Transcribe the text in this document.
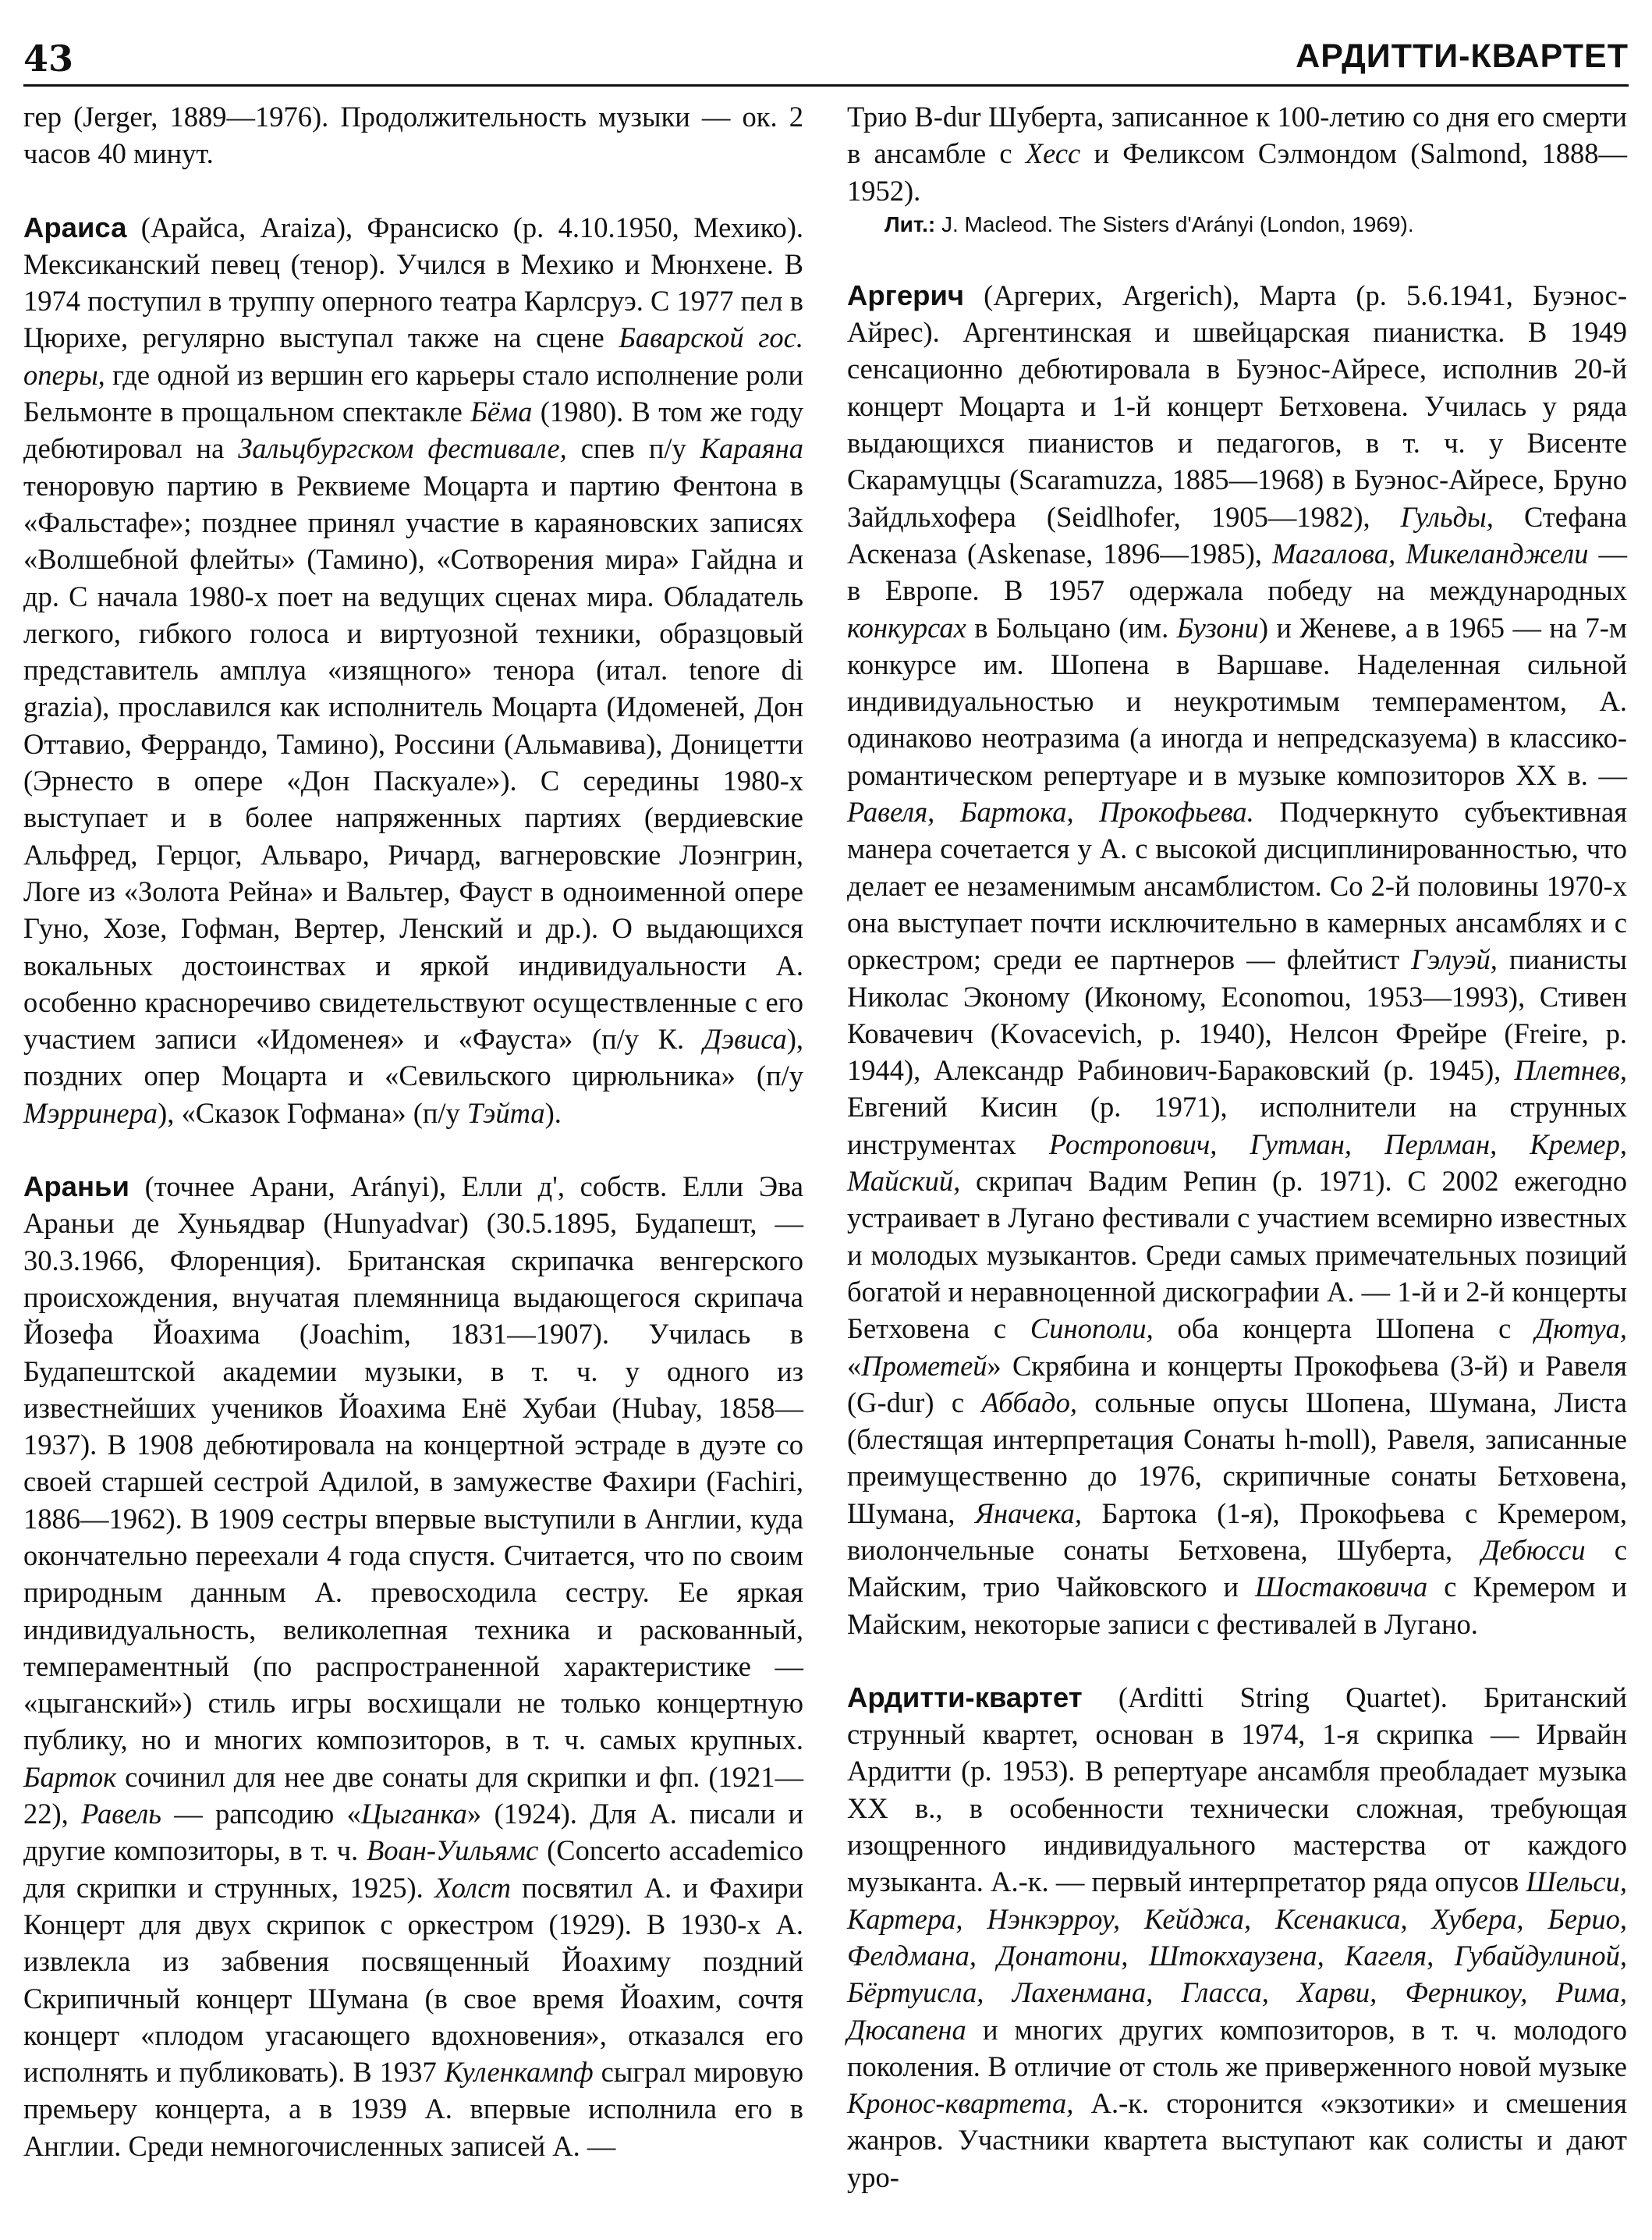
43	АРДИТТИ-КВАРТЕТ

гер (Jerger, 1889—1976). Продолжительность музыки — ок. 2 часов 40 минут.

Араиса (Арайса, Araiza), Франсиско (р. 4.10.1950, Мехико). Мексиканский певец (тенор). Учился в Мехико и Мюнхене. В 1974 поступил в труппу оперного театра Карлсруэ. С 1977 пел в Цюрихе, регулярно выступал также на сцене Баварской гос. оперы, где одной из вершин его карьеры стало исполнение роли Бельмонте в прощальном спектакле Бёма (1980). В том же году дебютировал на Зальцбургском фестивале, спев п/у Караяна теноровую партию в Реквиеме Моцарта и партию Фентона в «Фальстафе»; позднее принял участие в караяновских записях «Волшебной флейты» (Тамино), «Сотворения мира» Гайдна и др. С начала 1980-х поет на ведущих сценах мира. Обладатель легкого, гибкого голоса и виртуозной техники, образцовый представитель амплуа «изящного» тенора (итал. tenore di grazia), прославился как исполнитель Моцарта (Идоменей, Дон Оттавио, Феррандо, Тамино), Россини (Альмавива), Доницетти (Эрнесто в опере «Дон Паскуале»). С середины 1980-х выступает и в более напряженных партиях (вердиевские Альфред, Герцог, Альваро, Ричард, вагнеровские Лоэнгрин, Логе из «Золота Рейна» и Вальтер, Фауст в одноименной опере Гуно, Хозе, Гофман, Вертер, Ленский и др.). О выдающихся вокальных достоинствах и яркой индивидуальности А. особенно красноречиво свидетельствуют осуществленные с его участием записи «Идоменея» и «Фауста» (п/у К. Дэвиса), поздних опер Моцарта и «Севильского цирюльника» (п/у Мэрринера), «Сказок Гофмана» (п/у Тэйта).

Араньи (точнее Арани, Arányi), Елли д', собств. Елли Эва Араньи де Хуньядвар (Hunyadvar) (30.5.1895, Будапешт, — 30.3.1966, Флоренция). Британская скрипачка венгерского происхождения, внучатая племянница выдающегося скрипача Йозефа Йоахима (Joachim, 1831—1907). Училась в Будапештской академии музыки, в т. ч. у одного из известнейших учеников Йоахима Енё Хубаи (Hubay, 1858—1937). В 1908 дебютировала на концертной эстраде в дуэте со своей старшей сестрой Адилой, в замужестве Фахири (Fachiri, 1886—1962). В 1909 сестры впервые выступили в Англии, куда окончательно переехали 4 года спустя. Считается, что по своим природным данным А. превосходила сестру. Ее яркая индивидуальность, великолепная техника и раскованный, темпераментный (по распространенной характеристике — «цыганский») стиль игры восхищали не только концертную публику, но и многих композиторов, в т. ч. самых крупных. Барток сочинил для нее две сонаты для скрипки и фп. (1921—22), Равель — рапсодию «Цыганка» (1924). Для А. писали и другие композиторы, в т. ч. Воан-Уильямс (Concerto accademico для скрипки и струнных, 1925). Холст посвятил А. и Фахири Концерт для двух скрипок с оркестром (1929). В 1930-х А. извлекла из забвения посвященный Йоахиму поздний Скрипичный концерт Шумана (в свое время Йоахим, сочтя концерт «плодом угасающего вдохновения», отказался его исполнять и публиковать). В 1937 Куленкампф сыграл мировую премьеру концерта, а в 1939 А. впервые исполнила его в Англии. Среди немногочисленных записей А. —

Трио B-dur Шуберта, записанное к 100-летию со дня его смерти в ансамбле с Хесс и Феликсом Сэлмондом (Salmond, 1888—1952).

Лит.: J. Macleod. The Sisters d'Arányi (London, 1969).

Аргерич (Аргерих, Argerich), Марта (р. 5.6.1941, Буэнос-Айрес). Аргентинская и швейцарская пианистка. В 1949 сенсационно дебютировала в Буэнос-Айресе, исполнив 20-й концерт Моцарта и 1-й концерт Бетховена. Училась у ряда выдающихся пианистов и педагогов, в т. ч. у Висенте Скарамуццы (Scaramuzza, 1885—1968) в Буэнос-Айресе, Бруно Зайдльхофера (Seidlhofer, 1905—1982), Гульды, Стефана Аскеназа (Askenase, 1896—1985), Магалова, Микеланджели — в Европе. В 1957 одержала победу на международных конкурсах в Больцано (им. Бузони) и Женеве, а в 1965 — на 7-м конкурсе им. Шопена в Варшаве. Наделенная сильной индивидуальностью и неукротимым темпераментом, А. одинаково неотразима (а иногда и непредсказуема) в классико-романтическом репертуаре и в музыке композиторов XX в. — Равеля, Бартока, Прокофьева. Подчеркнуто субъективная манера сочетается у А. с высокой дисциплинированностью, что делает ее незаменимым ансамблистом. Со 2-й половины 1970-х она выступает почти исключительно в камерных ансамблях и с оркестром; среди ее партнеров — флейтист Гэлуэй, пианисты Николас Экономy (Иконому, Economou, 1953—1993), Стивен Ковачевич (Kovacevich, р. 1940), Нелсон Фрейре (Freire, р. 1944), Александр Рабинович-Бараковский (р. 1945), Плетнев, Евгений Кисин (р. 1971), исполнители на струнных инструментах Ростропович, Гутман, Перлман, Кремер, Майский, скрипач Вадим Репин (р. 1971). С 2002 ежегодно устраивает в Лугано фестивали с участием всемирно известных и молодых музыкантов. Среди самых примечательных позиций богатой и неравноценной дискографии А. — 1-й и 2-й концерты Бетховена с Синополи, оба концерта Шопена с Дютуа, «Прометей» Скрябина и концерты Прокофьева (3-й) и Равеля (G-dur) с Аббадо, сольные опусы Шопена, Шумана, Листа (блестящая интерпретация Сонаты h-moll), Равеля, записанные преимущественно до 1976, скрипичные сонаты Бетховена, Шумана, Яначека, Бартока (1-я), Прокофьева с Кремером, виолончельные сонаты Бетховена, Шуберта, Дебюсси с Майским, трио Чайковского и Шостаковича с Кремером и Майским, некоторые записи с фестивалей в Лугано.

Ардитти-квартет (Arditti String Quartet). Британский струнный квартет, основан в 1974, 1-я скрипка — Ирвайн Ардитти (р. 1953). В репертуаре ансамбля преобладает музыка XX в., в особенности технически сложная, требующая изощренного индивидуального мастерства от каждого музыканта. А.-к. — первый интерпретатор ряда опусов Шельси, Картера, Нэнкэрроу, Кейджа, Ксенакиса, Хубера, Берио, Фелдмана, Донатони, Штокхаузена, Кагеля, Губайдулиной, Бёртуисла, Лахенмана, Гласса, Харви, Ферникоу, Рима, Дюсапена и многих других композиторов, в т. ч. молодого поколения. В отличие от столь же приверженного новой музыке Кронос-квартета, А.-к. сторонится «экзотики» и смешения жанров. Участники квартета выступают как солисты и дают уро-
